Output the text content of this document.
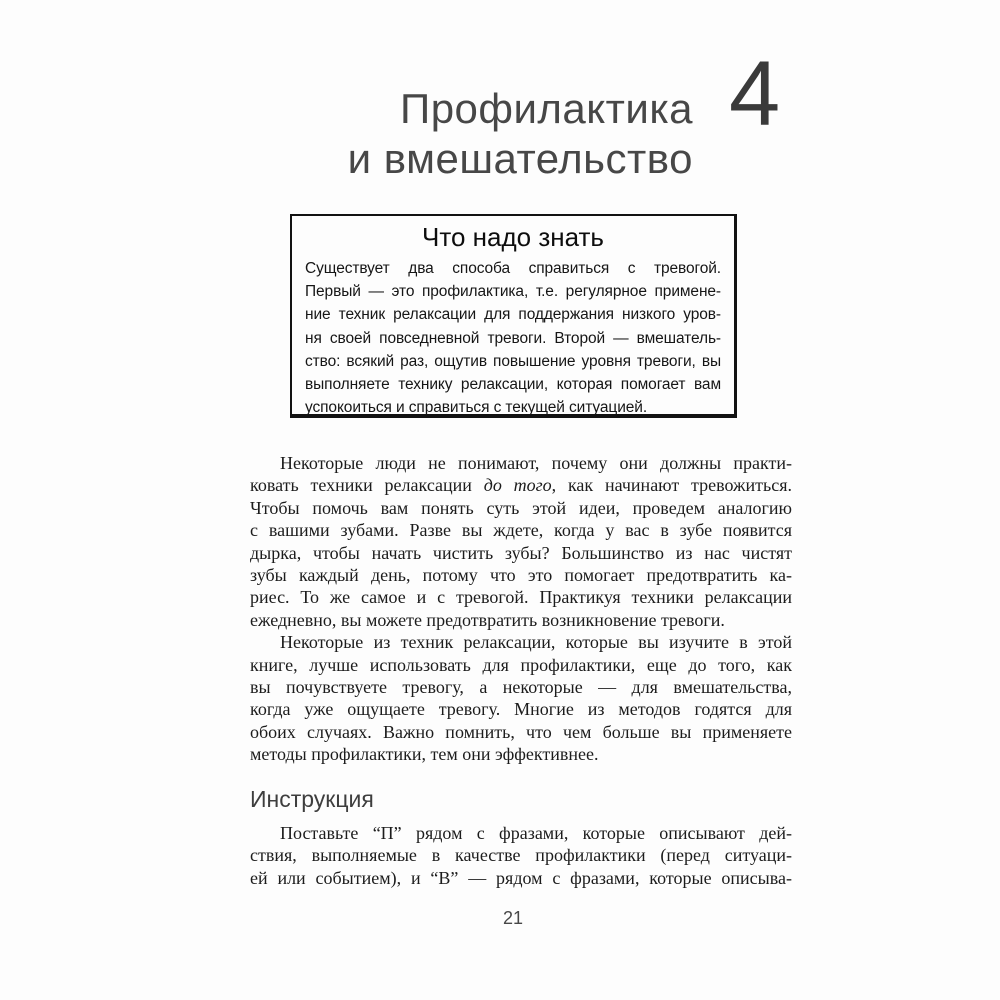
Профилактика
и вмешательство
4
Что надо знать
Существует два способа справиться с тревогой.
Первый — это профилактика, т.е. регулярное примене-
ние техник релаксации для поддержания низкого уров-
ня своей повседневной тревоги. Второй — вмешатель-
ство: всякий раз, ощутив повышение уровня тревоги, вы
выполняете технику релаксации, которая помогает вам
успокоиться и справиться с текущей ситуацией.
Некоторые люди не понимают, почему они должны практи-
ковать техники релаксации до того, как начинают тревожиться.
Чтобы помочь вам понять суть этой идеи, проведем аналогию
с вашими зубами. Разве вы ждете, когда у вас в зубе появится
дырка, чтобы начать чистить зубы? Большинство из нас чистят
зубы каждый день, потому что это помогает предотвратить ка-
риес. То же самое и с тревогой. Практикуя техники релаксации
ежедневно, вы можете предотвратить возникновение тревоги.
Некоторые из техник релаксации, которые вы изучите в этой
книге, лучше использовать для профилактики, еще до того, как
вы почувствуете тревогу, а некоторые — для вмешательства,
когда уже ощущаете тревогу. Многие из методов годятся для
обоих случаях. Важно помнить, что чем больше вы применяете
методы профилактики, тем они эффективнее.
Инструкция
Поставьте “П” рядом с фразами, которые описывают дей-
ствия, выполняемые в качестве профилактики (перед ситуаци-
ей или событием), и “В” — рядом с фразами, которые описыва-
21
